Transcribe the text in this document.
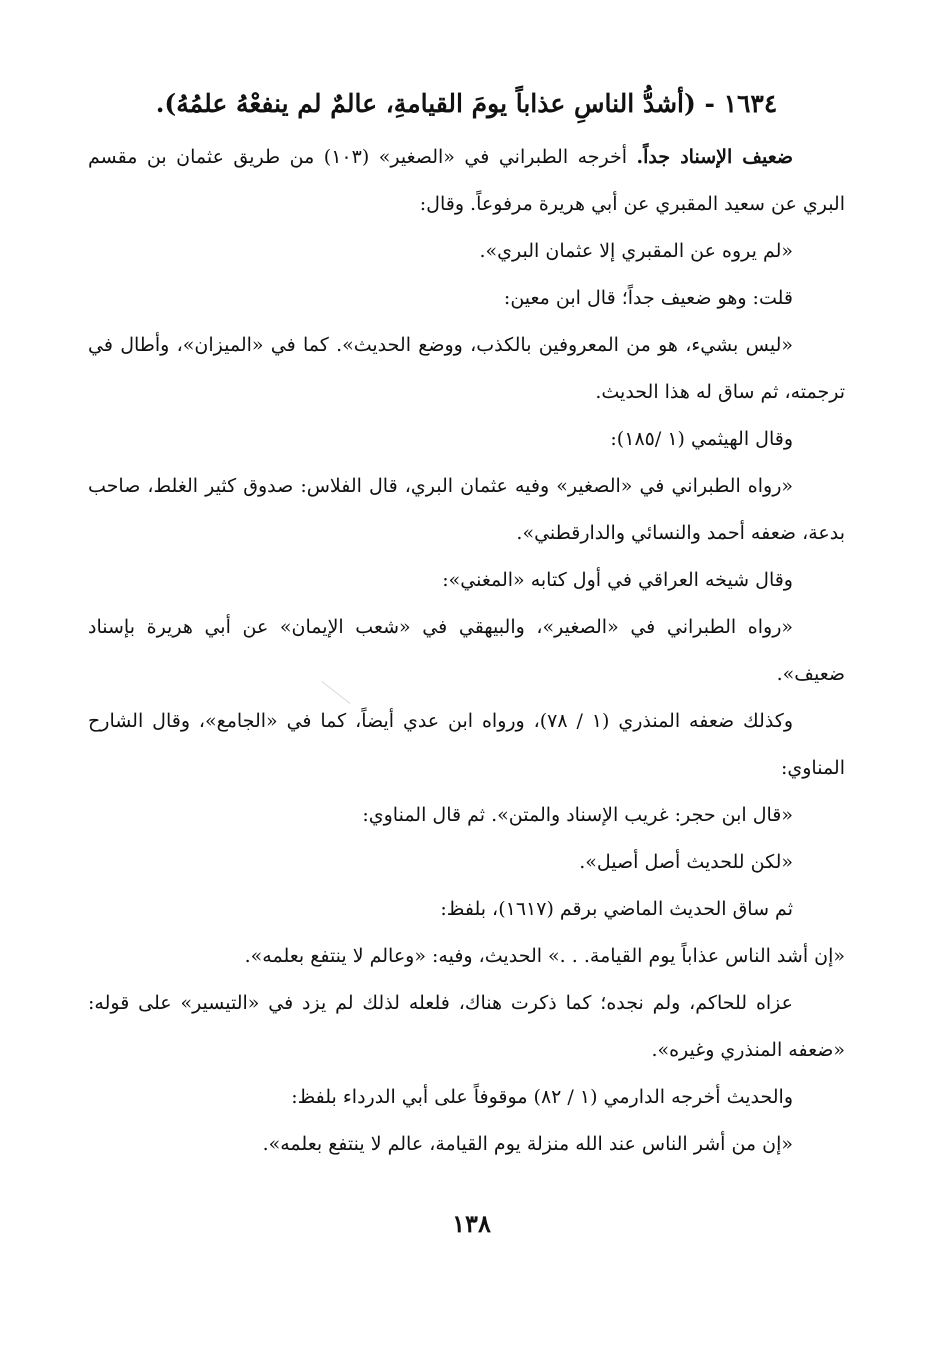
١٦٣٤ - (أشدُّ الناسِ عذاباً يومَ القيامةِ، عالمٌ لم ينفعْهُ علمُهُ).

ضعيف الإسناد جداً. أخرجه الطبراني في «الصغير» (١٠٣) من طريق عثمان بن مقسم البري عن سعيد المقبري عن أبي هريرة مرفوعاً. وقال:

«لم يروه عن المقبري إلا عثمان البري».

قلت: وهو ضعيف جداً؛ قال ابن معين:

«ليس بشيء، هو من المعروفين بالكذب، ووضع الحديث». كما في «الميزان»، وأطال في ترجمته، ثم ساق له هذا الحديث.

وقال الهيثمي (١ /١٨٥):

«رواه الطبراني في «الصغير» وفيه عثمان البري، قال الفلاس: صدوق كثير الغلط، صاحب بدعة، ضعفه أحمد والنسائي والدارقطني».

وقال شيخه العراقي في أول كتابه «المغني»:

«رواه الطبراني في «الصغير»، والبيهقي في «شعب الإيمان» عن أبي هريرة بإسناد ضعيف».

وكذلك ضعفه المنذري (١ / ٧٨)، ورواه ابن عدي أيضاً، كما في «الجامع»، وقال الشارح المناوي:

«قال ابن حجر: غريب الإسناد والمتن». ثم قال المناوي:

«لكن للحديث أصل أصيل».

ثم ساق الحديث الماضي برقم (١٦١٧)، بلفظ:

«إن أشد الناس عذاباً يوم القيامة. . .» الحديث، وفيه: «وعالم لا ينتفع بعلمه».

عزاه للحاكم، ولم نجده؛ كما ذكرت هناك، فلعله لذلك لم يزد في «التيسير» على قوله: «ضعفه المنذري وغيره».

والحديث أخرجه الدارمي (١ / ٨٢) موقوفاً على أبي الدرداء بلفظ:

«إن من أشر الناس عند الله منزلة يوم القيامة، عالم لا ينتفع بعلمه».

١٣٨
